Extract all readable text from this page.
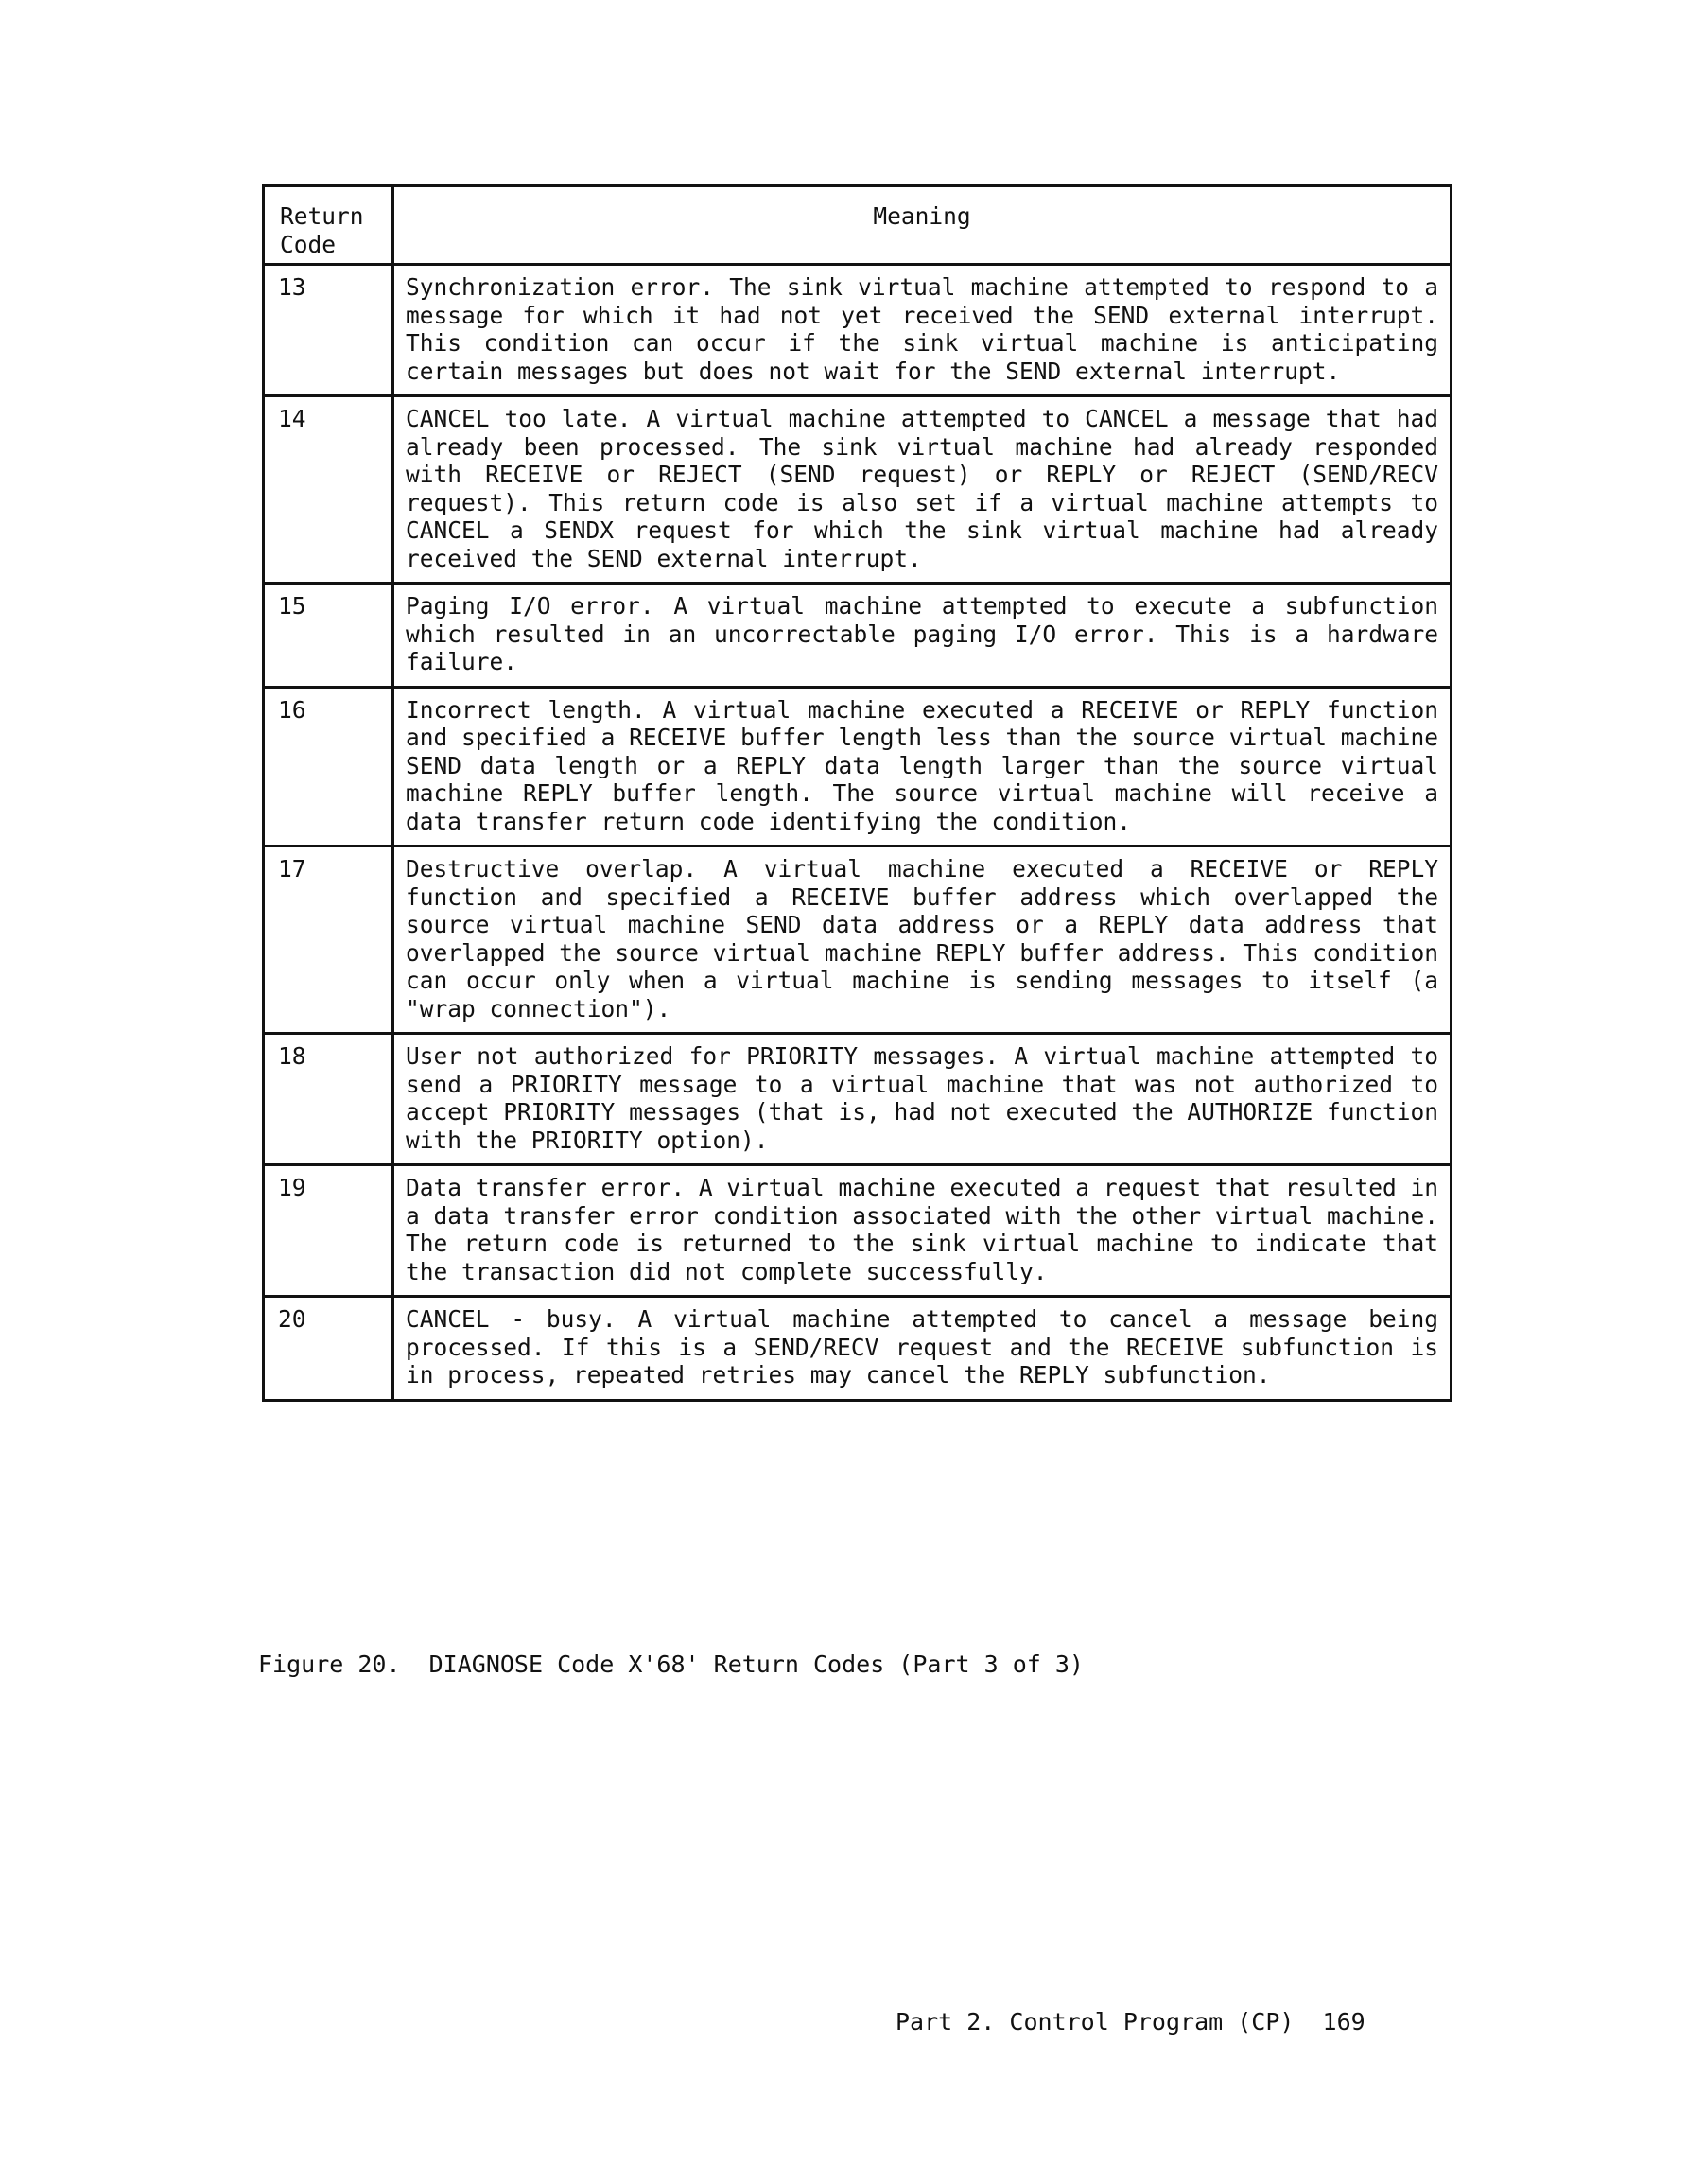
Return
Code	Meaning
13	Synchronization error. The sink virtual machine attempted to respond to a message for which it had not yet received the SEND external interrupt. This condition can occur if the sink virtual machine is anticipating certain messages but does not wait for the SEND external interrupt.
14	CANCEL too late. A virtual machine attempted to CANCEL a message that had already been processed. The sink virtual machine had already responded with RECEIVE or REJECT (SEND request) or REPLY or REJECT (SEND/RECV request). This return code is also set if a virtual machine attempts to CANCEL a SENDX request for which the sink virtual machine had already received the SEND external interrupt.
15	Paging I/O error. A virtual machine attempted to execute a subfunction which resulted in an uncorrectable paging I/O error. This is a hardware failure.
16	Incorrect length. A virtual machine executed a RECEIVE or REPLY function and specified a RECEIVE buffer length less than the source virtual machine SEND data length or a REPLY data length larger than the source virtual machine REPLY buffer length. The source virtual machine will receive a data transfer return code identifying the condition.
17	Destructive overlap. A virtual machine executed a RECEIVE or REPLY function and specified a RECEIVE buffer address which overlapped the source virtual machine SEND data address or a REPLY data address that overlapped the source virtual machine REPLY buffer address. This condition can occur only when a virtual machine is sending messages to itself (a "wrap connection").
18	User not authorized for PRIORITY messages. A virtual machine attempted to send a PRIORITY message to a virtual machine that was not authorized to accept PRIORITY messages (that is, had not executed the AUTHORIZE function with the PRIORITY option).
19	Data transfer error. A virtual machine executed a request that resulted in a data transfer error condition associated with the other virtual machine. The return code is returned to the sink virtual machine to indicate that the transaction did not complete successfully.
20	CANCEL - busy. A virtual machine attempted to cancel a message being processed. If this is a SEND/RECV request and the RECEIVE subfunction is in process, repeated retries may cancel the REPLY subfunction.
Figure 20.  DIAGNOSE Code X'68' Return Codes (Part 3 of 3)
Part 2. Control Program (CP)  169
